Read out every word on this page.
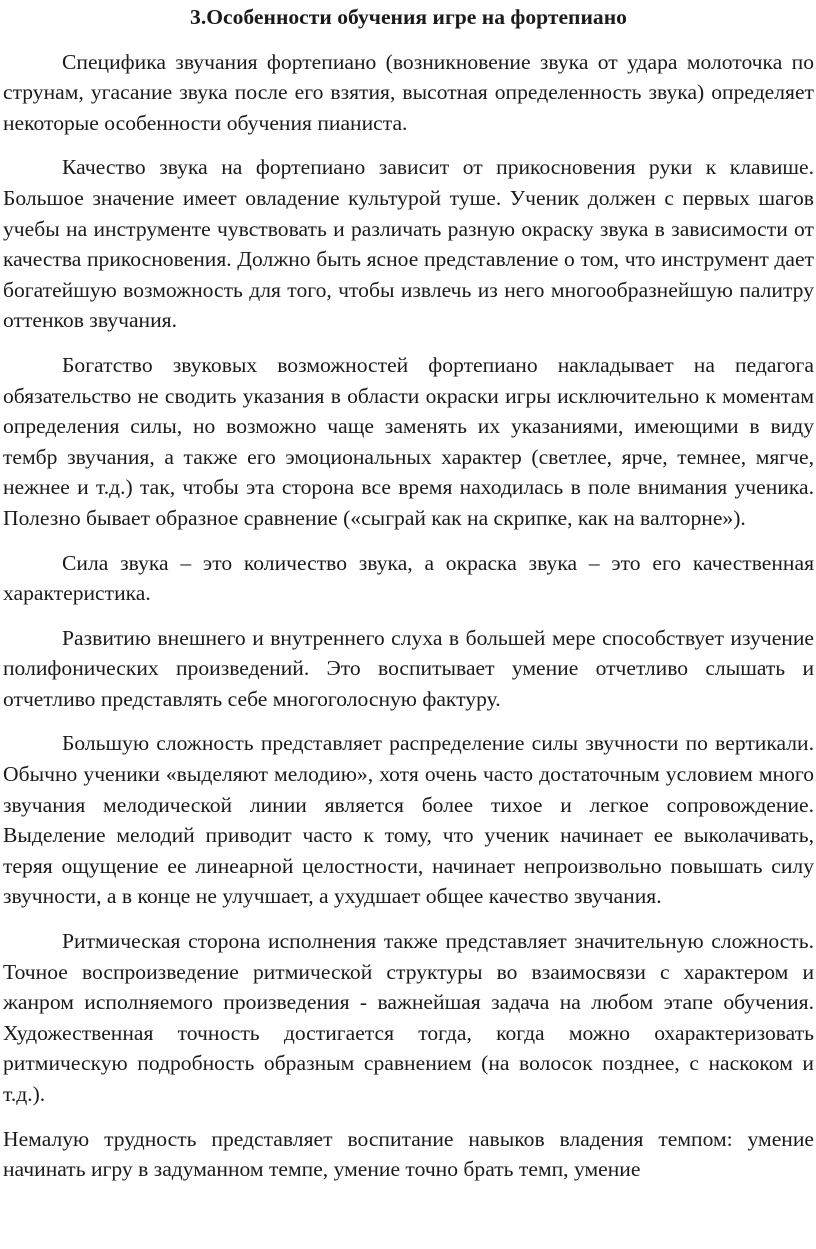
3.Особенности обучения игре на фортепиано

Специфика звучания фортепиано (возникновение звука от удара молоточка по струнам, угасание звука после его взятия, высотная определенность звука) определяет некоторые особенности обучения пианиста.

Качество звука на фортепиано зависит от прикосновения руки к клавише. Большое значение имеет овладение культурой туше. Ученик должен с первых шагов учебы на инструменте чувствовать и различать разную окраску звука в зависимости от качества прикосновения. Должно быть ясное представление о том, что инструмент дает богатейшую возможность для того, чтобы извлечь из него многообразнейшую палитру оттенков звучания.

Богатство звуковых возможностей фортепиано накладывает на педагога обязательство не сводить указания в области окраски игры исключительно к моментам определения силы, но возможно чаще заменять их указаниями, имеющими в виду тембр звучания, а также его эмоциональных характер (светлее, ярче, темнее, мягче, нежнее и т.д.) так, чтобы эта сторона все время находилась в поле внимания ученика. Полезно бывает образное сравнение («сыграй как на скрипке, как на валторне»).

Сила звука – это количество звука, а окраска звука – это его качественная характеристика.

Развитию внешнего и внутреннего слуха в большей мере способствует изучение полифонических произведений. Это воспитывает умение отчетливо слышать и отчетливо представлять себе многоголосную фактуру.

Большую сложность представляет распределение силы звучности по вертикали. Обычно ученики «выделяют мелодию», хотя очень часто достаточным условием много звучания мелодической линии является более тихое и легкое сопровождение. Выделение мелодий приводит часто к тому, что ученик начинает ее выколачивать, теряя ощущение ее линеарной целостности, начинает непроизвольно повышать силу звучности, а в конце не улучшает, а ухудшает общее качество звучания.

Ритмическая сторона исполнения также представляет значительную сложность. Точное воспроизведение ритмической структуры во взаимосвязи с характером и жанром исполняемого произведения - важнейшая задача на любом этапе обучения. Художественная точность достигается тогда, когда можно охарактеризовать ритмическую подробность образным сравнением (на волосок позднее, с наскоком и т.д.).

Немалую трудность представляет воспитание навыков владения темпом: умение начинать игру в задуманном темпе, умение точно брать темп, умение
